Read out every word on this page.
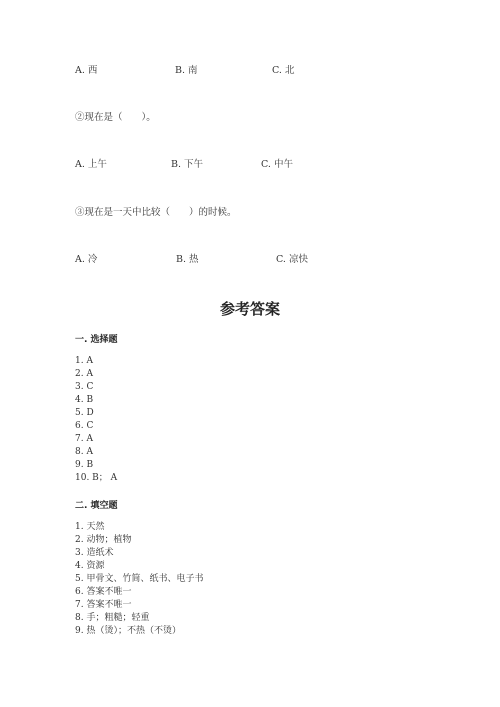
A. 西	B. 南	C. 北
②现在是（　　）。
A. 上午	B. 下午	C. 中午
③现在是一天中比较（　　）的时候。
A. 冷	B. 热	C. 凉快
参考答案
一. 选择题
1. A
2. A
3. C
4. B
5. D
6. C
7. A
8. A
9. B
10. B； A
二. 填空题
1. 天然
2. 动物；植物
3. 造纸术
4. 资源
5. 甲骨文、竹简、纸书、电子书
6. 答案不唯一
7. 答案不唯一
8. 手；粗糙；轻重
9. 热（烫）；不热（不烫）
